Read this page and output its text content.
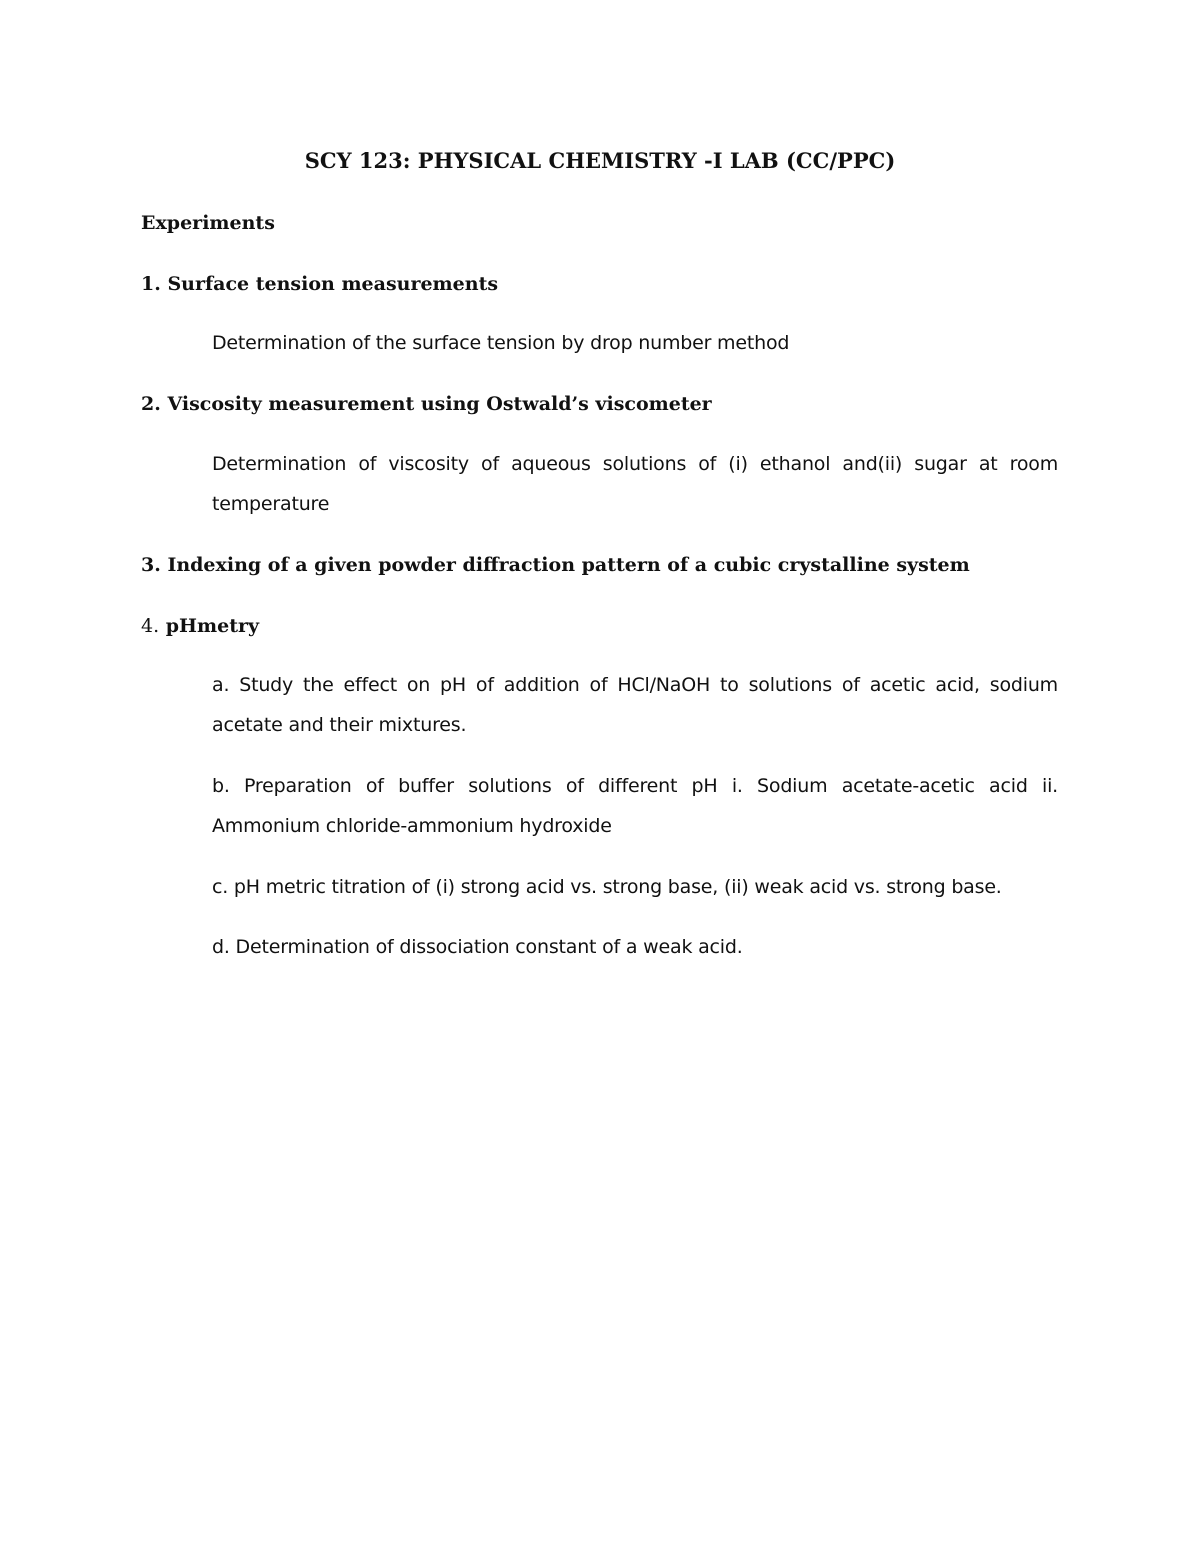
SCY 123: PHYSICAL CHEMISTRY -I LAB (CC/PPC)
Experiments
1. Surface tension measurements
Determination of the surface tension by drop number method
2. Viscosity measurement using Ostwald’s viscometer
Determination of viscosity of aqueous solutions of (i) ethanol and(ii) sugar at room temperature
3. Indexing of a given powder diffraction pattern of a cubic crystalline system
4. pHmetry
a. Study the effect on pH of addition of HCl/NaOH to solutions of acetic acid, sodium acetate and their mixtures.
b. Preparation of buffer solutions of different pH i. Sodium acetate-acetic acid ii. Ammonium chloride-ammonium hydroxide
c. pH metric titration of (i) strong acid vs. strong base, (ii) weak acid vs. strong base.
d. Determination of dissociation constant of a weak acid.
